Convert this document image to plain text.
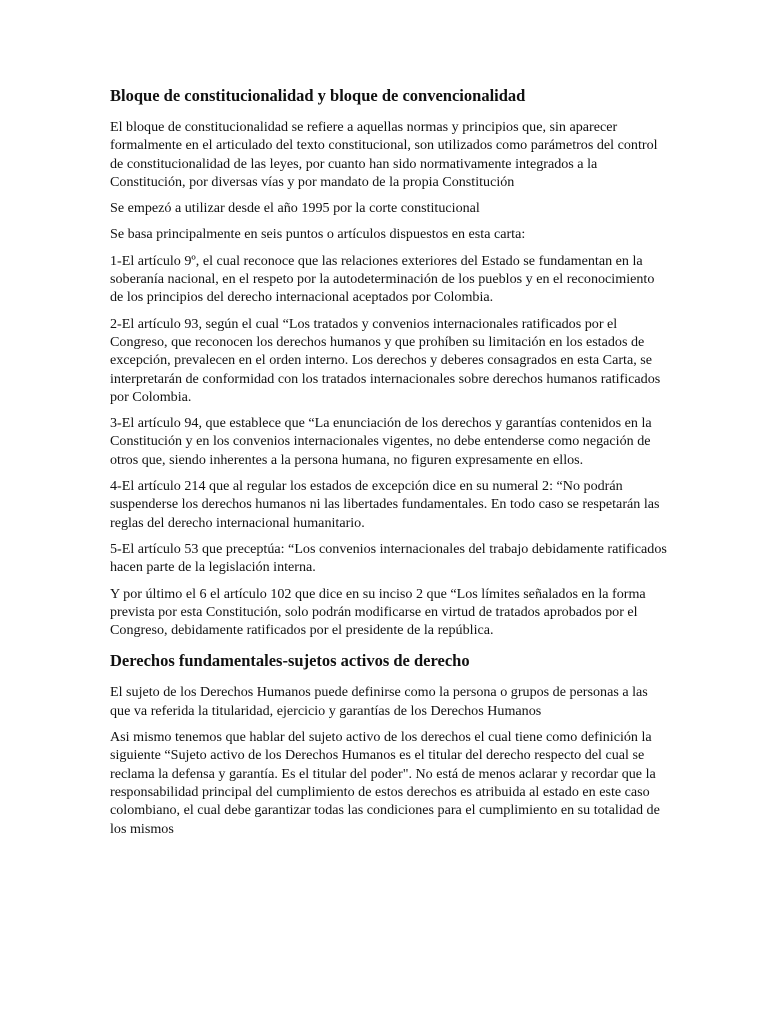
Bloque de constitucionalidad y bloque de convencionalidad

El bloque de constitucionalidad se refiere a aquellas normas y principios que, sin aparecer formalmente en el articulado del texto constitucional, son utilizados como parámetros del control de constitucionalidad de las leyes, por cuanto han sido normativamente integrados a la Constitución, por diversas vías y por mandato de la propia Constitución

Se empezó a utilizar desde el año 1995 por la corte constitucional

Se basa principalmente en seis puntos o artículos dispuestos en esta carta:

1-El artículo 9º, el cual reconoce que las relaciones exteriores del Estado se fundamentan en la soberanía nacional, en el respeto por la autodeterminación de los pueblos y en el reconocimiento de los principios del derecho internacional aceptados por Colombia.

2-El artículo 93, según el cual “Los tratados y convenios internacionales ratificados por el Congreso, que reconocen los derechos humanos y que prohíben su limitación en los estados de excepción, prevalecen en el orden interno. Los derechos y deberes consagrados en esta Carta, se interpretarán de conformidad con los tratados internacionales sobre derechos humanos ratificados por Colombia.

3-El artículo 94, que establece que “La enunciación de los derechos y garantías contenidos en la Constitución y en los convenios internacionales vigentes, no debe entenderse como negación de otros que, siendo inherentes a la persona humana, no figuren expresamente en ellos.

4-El artículo 214 que al regular los estados de excepción dice en su numeral 2: “No podrán suspenderse los derechos humanos ni las libertades fundamentales. En todo caso se respetarán las reglas del derecho internacional humanitario.

5-El artículo 53 que preceptúa: “Los convenios internacionales del trabajo debidamente ratificados hacen parte de la legislación interna.

Y por último el 6 el artículo 102 que dice en su inciso 2 que “Los límites señalados en la forma prevista por esta Constitución, solo podrán modificarse en virtud de tratados aprobados por el Congreso, debidamente ratificados por el presidente de la república.

Derechos fundamentales-sujetos activos de derecho

El sujeto de los Derechos Humanos puede definirse como la persona o grupos de personas a las que va referida la titularidad, ejercicio y garantías de los Derechos Humanos

Asi mismo tenemos que hablar del sujeto activo de los derechos el cual tiene como definición la siguiente “Sujeto activo de los Derechos Humanos es el titular del derecho respecto del cual se reclama la defensa y garantía. Es el titular del poder". No está de menos aclarar y recordar que la responsabilidad principal del cumplimiento de estos derechos es atribuida al estado en este caso colombiano, el cual debe garantizar todas las condiciones para el cumplimiento en su totalidad de los mismos
